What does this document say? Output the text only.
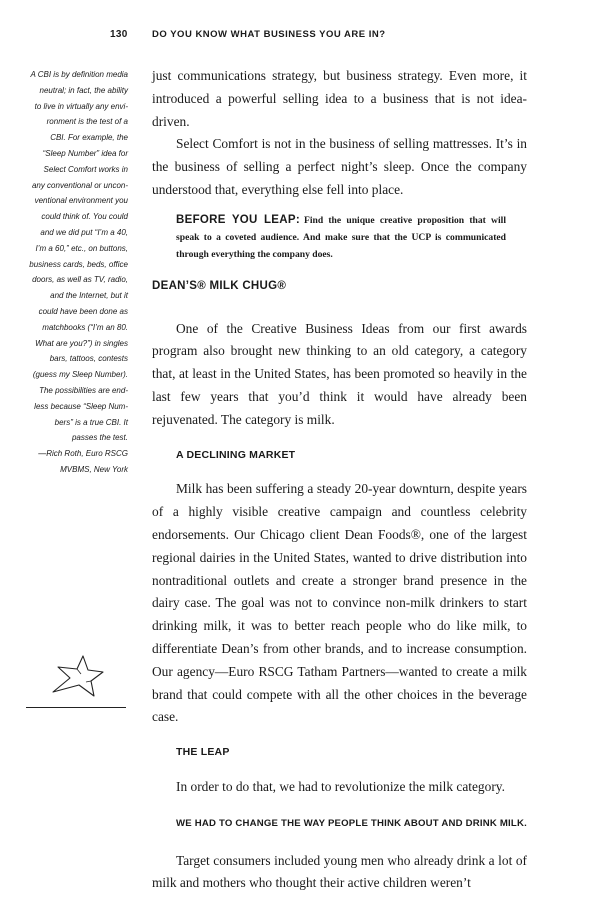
130	DO YOU KNOW WHAT BUSINESS YOU ARE IN?
A CBI is by definition media
neutral; in fact, the ability
to live in virtually any envi-
ronment is the test of a
CBI. For example, the
“Sleep Number” idea for
Select Comfort works in
any conventional or uncon-
ventional environment you
could think of. You could
and we did put “I’m a 40,
I’m a 60,” etc., on buttons,
business cards, beds, office
doors, as well as TV, radio,
and the Internet, but it
could have been done as
matchbooks (“I’m an 80.
What are you?”) in singles
bars, tattoos, contests
(guess my Sleep Number).
The possibilities are end-
less because “Sleep Num-
bers” is a true CBI. It
passes the test.
—Rich Roth, Euro RSCG
MVBMS, New York

just communications strategy, but business strategy. Even more, it introduced a powerful selling idea to a business that is not idea-driven.

Select Comfort is not in the business of selling mattresses. It’s in the business of selling a perfect night’s sleep. Once the company understood that, everything else fell into place.

BEFORE YOU LEAP: Find the unique creative proposition that will speak to a coveted audience. And make sure that the UCP is communicated through everything the company does.
DEAN’S® MILK CHUG®

One of the Creative Business Ideas from our first awards program also brought new thinking to an old category, a category that, at least in the United States, has been promoted so heavily in the last few years that you’d think it would have already been rejuvenated. The category is milk.

A DECLINING MARKET

Milk has been suffering a steady 20-year downturn, despite years of a highly visible creative campaign and countless celebrity endorsements. Our Chicago client Dean Foods®, one of the largest regional dairies in the United States, wanted to drive distribution into nontraditional outlets and create a stronger brand presence in the dairy case. The goal was not to convince non-milk drinkers to start drinking milk, it was to better reach people who do like milk, to differentiate Dean’s from other brands, and to increase consumption. Our agency—Euro RSCG Tatham Partners—wanted to create a milk brand that could compete with all the other choices in the beverage case.

THE LEAP

In order to do that, we had to revolutionize the milk category.

WE HAD TO CHANGE THE WAY PEOPLE THINK ABOUT AND DRINK MILK.

Target consumers included young men who already drink a lot of milk and mothers who thought their active children weren’t
